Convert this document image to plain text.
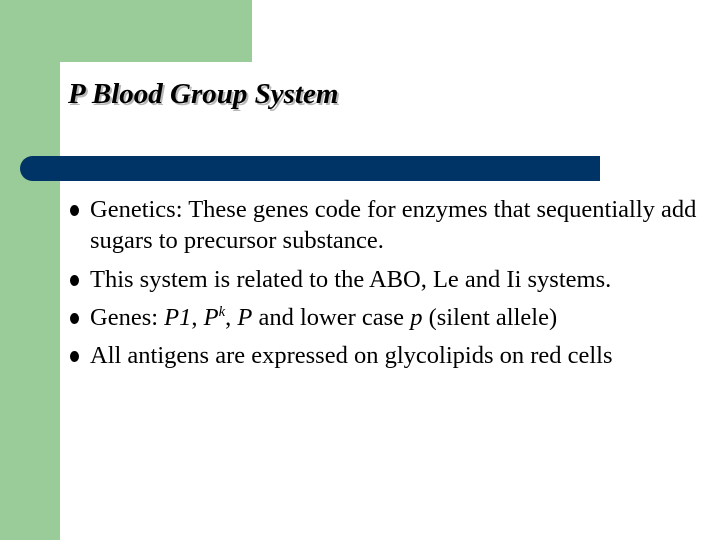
P Blood Group System
Genetics: These genes code for enzymes that sequentially add sugars to precursor substance.
This system is related to the ABO, Le and Ii systems.
Genes: P1, $P^k$, P and lower case p (silent allele)
All antigens are expressed on glycolipids on red cells
